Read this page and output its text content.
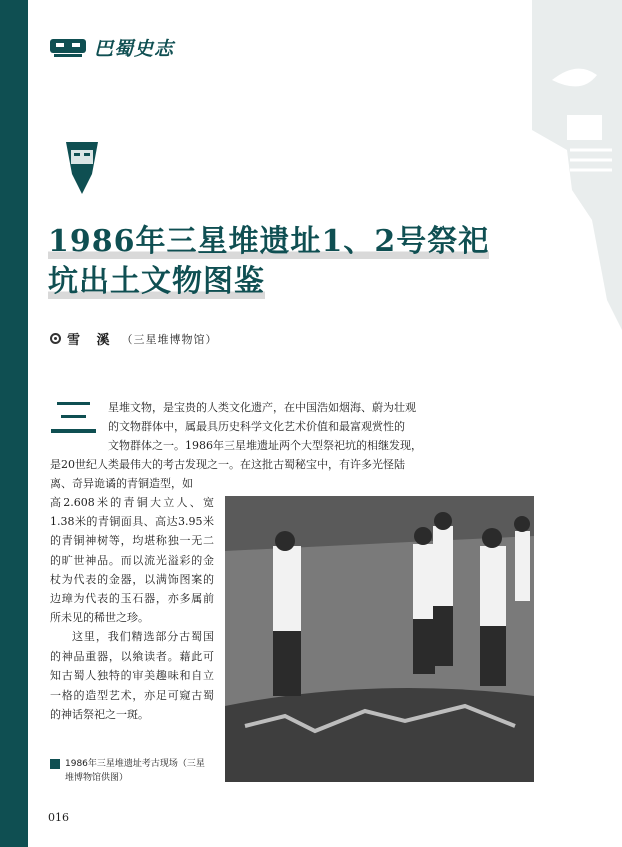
巴蜀史志
1986年三星堆遗址1、2号祭祀
坑出土文物图鉴
雪 溪 （三星堆博物馆）
星堆文物，是宝贵的人类文化遗产，在中国浩如烟海、蔚为壮观
的文物群体中，属最具历史科学文化艺术价值和最富观赏性的
文物群体之一。1986年三星堆遗址两个大型祭祀坑的相继发现，
是20世纪人类最伟大的考古发现之一。在这批古蜀秘宝中，有许多光怪陆
离、奇异诡谲的青铜造型，如

高2.608米的青铜大立人、宽1.38米的青铜面具、高达3.95米的青铜神树等，均堪称独一无二的旷世神品。而以流光溢彩的金杖为代表的金器，以满饰图案的边璋为代表的玉石器，亦多属前所未见的稀世之珍。

这里，我们精选部分古蜀国的神品重器，以飨读者。藉此可知古蜀人独特的审美趣味和自立一格的造型艺术，亦足可窥古蜀的神话祭祀之一斑。

1986年三星堆遗址考古现场（三星堆博物馆供图）
016
